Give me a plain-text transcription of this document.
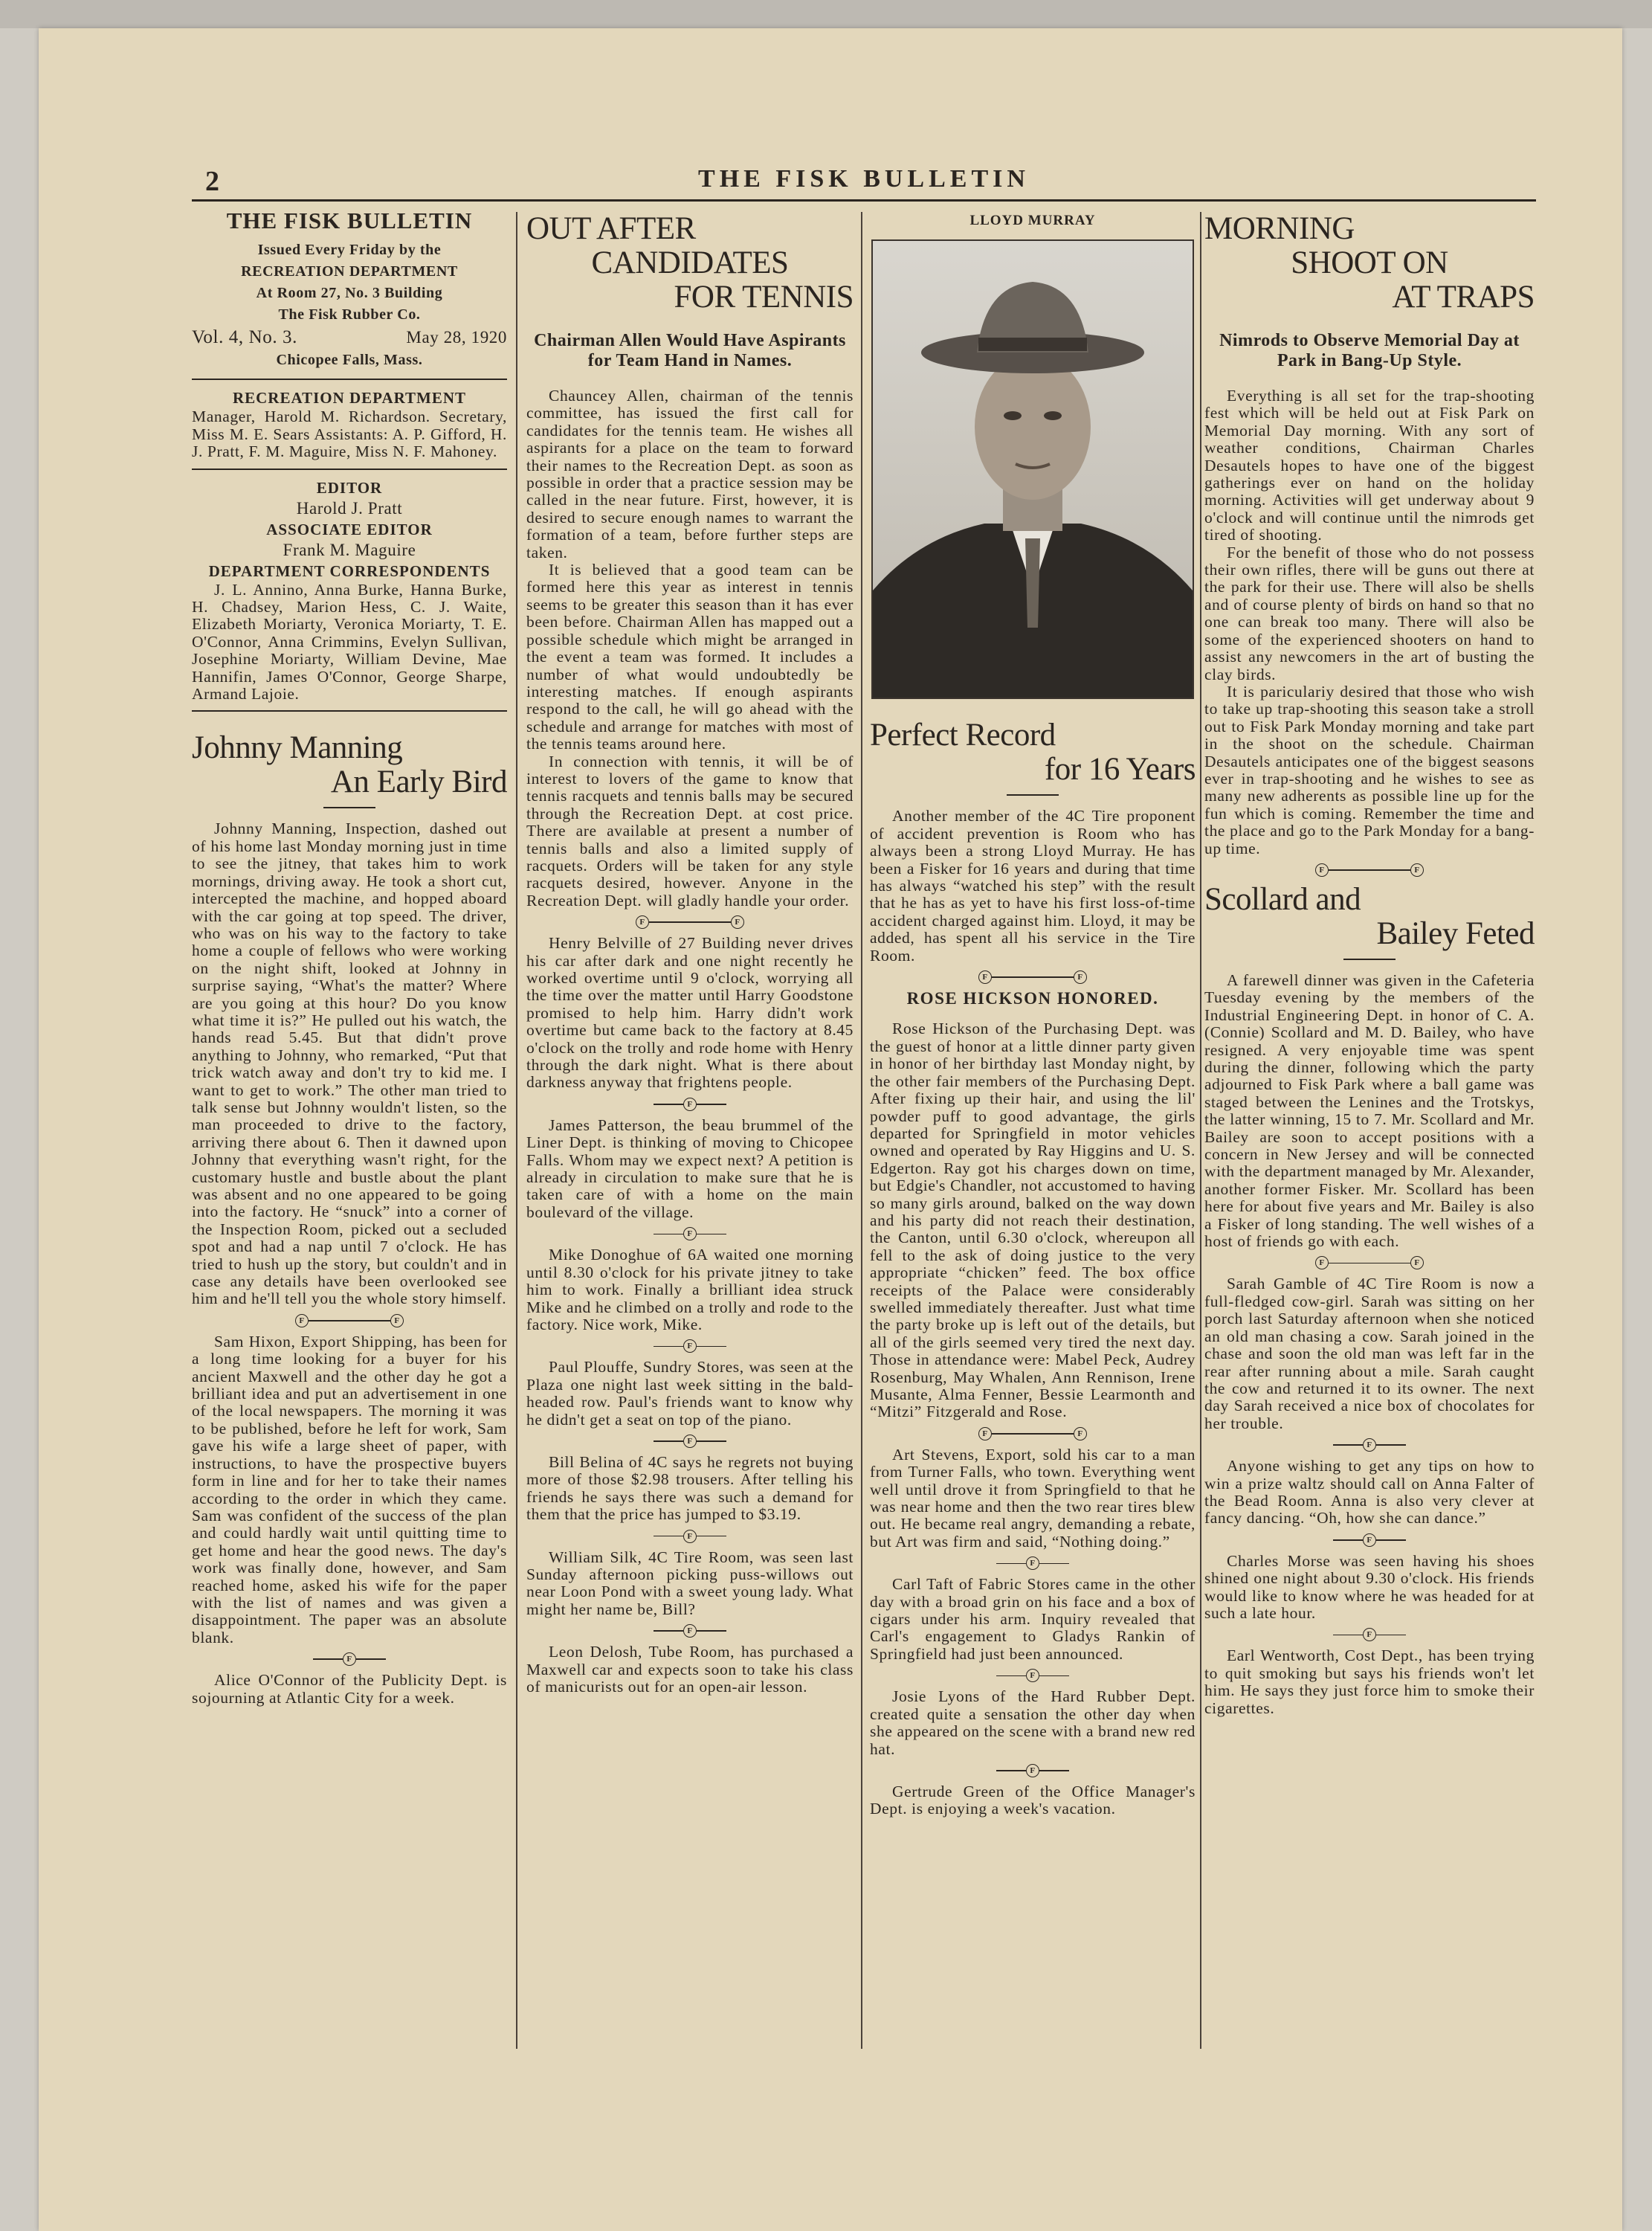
2	THE FISK BULLETIN
THE FISK BULLETIN
Issued Every Friday by the
RECREATION DEPARTMENT
At Room 27, No. 3 Building
The Fisk Rubber Co.
Vol. 4, No. 3.	May 28, 1920
Chicopee Falls, Mass.
RECREATION DEPARTMENT

Manager, Harold M. Richardson. Secretary, Miss M. E. Sears Assistants: A. P. Gifford, H. J. Pratt, F. M. Maguire, Miss N. F. Mahoney.

EDITOR
Harold J. Pratt
ASSOCIATE EDITOR
Frank M. Maguire
DEPARTMENT CORRESPONDENTS

J. L. Annino, Anna Burke, Hanna Burke, H. Chadsey, Marion Hess, C. J. Waite, Elizabeth Moriarty, Veronica Moriarty, T. E. O'Connor, Anna Crimmins, Evelyn Sullivan, Josephine Moriarty, William Devine, Mae Hannifin, James O'Connor, George Sharpe, Armand Lajoie.

Johnny Manning
An Early Bird

Johnny Manning, Inspection, dashed out of his home last Monday morning just in time to see the jitney, that takes him to work mornings, driving away. He took a short cut, intercepted the machine, and hopped aboard with the car going at top speed. The driver, who was on his way to the factory to take home a couple of fellows who were working on the night shift, looked at Johnny in surprise saying, “What's the matter? Where are you going at this hour? Do you know what time it is?” He pulled out his watch, the hands read 5.45. But that didn't prove anything to Johnny, who remarked, “Put that trick watch away and don't try to kid me. I want to get to work.” The other man tried to talk sense but Johnny wouldn't listen, so the man proceeded to drive to the factory, arriving there about 6. Then it dawned upon Johnny that everything wasn't right, for the customary hustle and bustle about the plant was absent and no one appeared to be going into the factory. He “snuck” into a corner of the Inspection Room, picked out a secluded spot and had a nap until 7 o'clock. He has tried to hush up the story, but couldn't and in case any details have been overlooked see him and he'll tell you the whole story himself.

F	F

Sam Hixon, Export Shipping, has been for a long time looking for a buyer for his ancient Maxwell and the other day he got a brilliant idea and put an advertisement in one of the local newspapers. The morning it was to be published, before he left for work, Sam gave his wife a large sheet of paper, with instructions, to have the prospective buyers form in line and for her to take their names according to the order in which they came. Sam was confident of the success of the plan and could hardly wait until quitting time to get home and hear the good news. The day's work was finally done, however, and Sam reached home, asked his wife for the paper with the list of names and was given a disappointment. The paper was an absolute blank.

F

Alice O'Connor of the Publicity Dept. is sojourning at Atlantic City for a week.

OUT AFTER
CANDIDATES
FOR TENNIS
Chairman Allen Would Have Aspirants for Team Hand in Names.

Chauncey Allen, chairman of the tennis committee, has issued the first call for candidates for the tennis team. He wishes all aspirants for a place on the team to forward their names to the Recreation Dept. as soon as possible in order that a practice session may be called in the near future. First, however, it is desired to secure enough names to warrant the formation of a team, before further steps are taken.

It is believed that a good team can be formed here this year as interest in tennis seems to be greater this season than it has ever been before. Chairman Allen has mapped out a possible schedule which might be arranged in the event a team was formed. It includes a number of what would undoubtedly be interesting matches. If enough aspirants respond to the call, he will go ahead with the schedule and arrange for matches with most of the tennis teams around here.

In connection with tennis, it will be of interest to lovers of the game to know that tennis racquets and tennis balls may be secured through the Recreation Dept. at cost price. There are available at present a number of tennis balls and also a limited supply of racquets. Orders will be taken for any style racquets desired, however. Anyone in the Recreation Dept. will gladly handle your order.

F	F

Henry Belville of 27 Building never drives his car after dark and one night recently he worked overtime until 9 o'clock, worrying all the time over the matter until Harry Goodstone promised to help him. Harry didn't work overtime but came back to the factory at 8.45 o'clock on the trolly and rode home with Henry through the dark night. What is there about darkness anyway that frightens people.

F

James Patterson, the beau brummel of the Liner Dept. is thinking of moving to Chicopee Falls. Whom may we expect next? A petition is already in circulation to make sure that he is taken care of with a home on the main boulevard of the village.

F

Mike Donoghue of 6A waited one morning until 8.30 o'clock for his private jitney to take him to work. Finally a brilliant idea struck Mike and he climbed on a trolly and rode to the factory. Nice work, Mike.

F

Paul Plouffe, Sundry Stores, was seen at the Plaza one night last week sitting in the bald-headed row. Paul's friends want to know why he didn't get a seat on top of the piano.

F

Bill Belina of 4C says he regrets not buying more of those $2.98 trousers. After telling his friends he says there was such a demand for them that the price has jumped to $3.19.

F

William Silk, 4C Tire Room, was seen last Sunday afternoon picking puss-willows out near Loon Pond with a sweet young lady. What might her name be, Bill?

F

Leon Delosh, Tube Room, has purchased a Maxwell car and expects soon to take his class of manicurists out for an open-air lesson.

LLOYD MURRAY
Perfect Record
for 16 Years

Another member of the 4C Tire proponent of accident prevention is Room who has always been a strong Lloyd Murray. He has been a Fisker for 16 years and during that time has always “watched his step” with the result that he has as yet to have his first loss-of-time accident charged against him. Lloyd, it may be added, has spent all his service in the Tire Room.

F	F
ROSE HICKSON HONORED.

Rose Hickson of the Purchasing Dept. was the guest of honor at a little dinner party given in honor of her birthday last Monday night, by the other fair members of the Purchasing Dept. After fixing up their hair, and using the lil' powder puff to good advantage, the girls departed for Springfield in motor vehicles owned and operated by Ray Higgins and U. S. Edgerton. Ray got his charges down on time, but Edgie's Chandler, not accustomed to having so many girls around, balked on the way down and his party did not reach their destination, the Canton, until 6.30 o'clock, whereupon all fell to the ask of doing justice to the very appropriate “chicken” feed. The box office receipts of the Palace were considerably swelled immediately thereafter. Just what time the party broke up is left out of the details, but all of the girls seemed very tired the next day. Those in attendance were: Mabel Peck, Audrey Rosenburg, May Whalen, Ann Rennison, Irene Musante, Alma Fenner, Bessie Learmonth and “Mitzi” Fitzgerald and Rose.

F	F

Art Stevens, Export, sold his car to a man from Turner Falls, who town. Everything went well until drove it from Springfield to that he was near home and then the two rear tires blew out. He became real angry, demanding a rebate, but Art was firm and said, “Nothing doing.”

F

Carl Taft of Fabric Stores came in the other day with a broad grin on his face and a box of cigars under his arm. Inquiry revealed that Carl's engagement to Gladys Rankin of Springfield had just been announced.

F

Josie Lyons of the Hard Rubber Dept. created quite a sensation the other day when she appeared on the scene with a brand new red hat.

F

Gertrude Green of the Office Manager's Dept. is enjoying a week's vacation.

MORNING
SHOOT ON
AT TRAPS
Nimrods to Observe Memorial Day at Park in Bang-Up Style.

Everything is all set for the trap-shooting fest which will be held out at Fisk Park on Memorial Day morning. With any sort of weather conditions, Chairman Charles Desautels hopes to have one of the biggest gatherings ever on hand on the holiday morning. Activities will get underway about 9 o'clock and will continue until the nimrods get tired of shooting.

For the benefit of those who do not possess their own rifles, there will be guns out there at the park for their use. There will also be shells and of course plenty of birds on hand so that no one can break too many. There will also be some of the experienced shooters on hand to assist any newcomers in the art of busting the clay birds.

It is pariculariy desired that those who wish to take up trap-shooting this season take a stroll out to Fisk Park Monday morning and take part in the shoot on the schedule. Chairman Desautels anticipates one of the biggest seasons ever in trap-shooting and he wishes to see as many new adherents as possible line up for the fun which is coming. Remember the time and the place and go to the Park Monday for a bang-up time.

F	F
Scollard and
Bailey Feted

A farewell dinner was given in the Cafeteria Tuesday evening by the members of the Industrial Engineering Dept. in honor of C. A. (Connie) Scollard and M. D. Bailey, who have resigned. A very enjoyable time was spent during the dinner, following which the party adjourned to Fisk Park where a ball game was staged between the Lenines and the Trotskys, the latter winning, 15 to 7. Mr. Scollard and Mr. Bailey are soon to accept positions with a concern in New Jersey and will be connected with the department managed by Mr. Alexander, another former Fisker. Mr. Scollard has been here for about five years and Mr. Bailey is also a Fisker of long standing. The well wishes of a host of friends go with each.

F	F

Sarah Gamble of 4C Tire Room is now a full-fledged cow-girl. Sarah was sitting on her porch last Saturday afternoon when she noticed an old man chasing a cow. Sarah joined in the chase and soon the old man was left far in the rear after running about a mile. Sarah caught the cow and returned it to its owner. The next day Sarah received a nice box of chocolates for her trouble.

F

Anyone wishing to get any tips on how to win a prize waltz should call on Anna Falter of the Bead Room. Anna is also very clever at fancy dancing. “Oh, how she can dance.”

F

Charles Morse was seen having his shoes shined one night about 9.30 o'clock. His friends would like to know where he was headed for at such a late hour.

F

Earl Wentworth, Cost Dept., has been trying to quit smoking but says his friends won't let him. He says they just force him to smoke their cigarettes.
